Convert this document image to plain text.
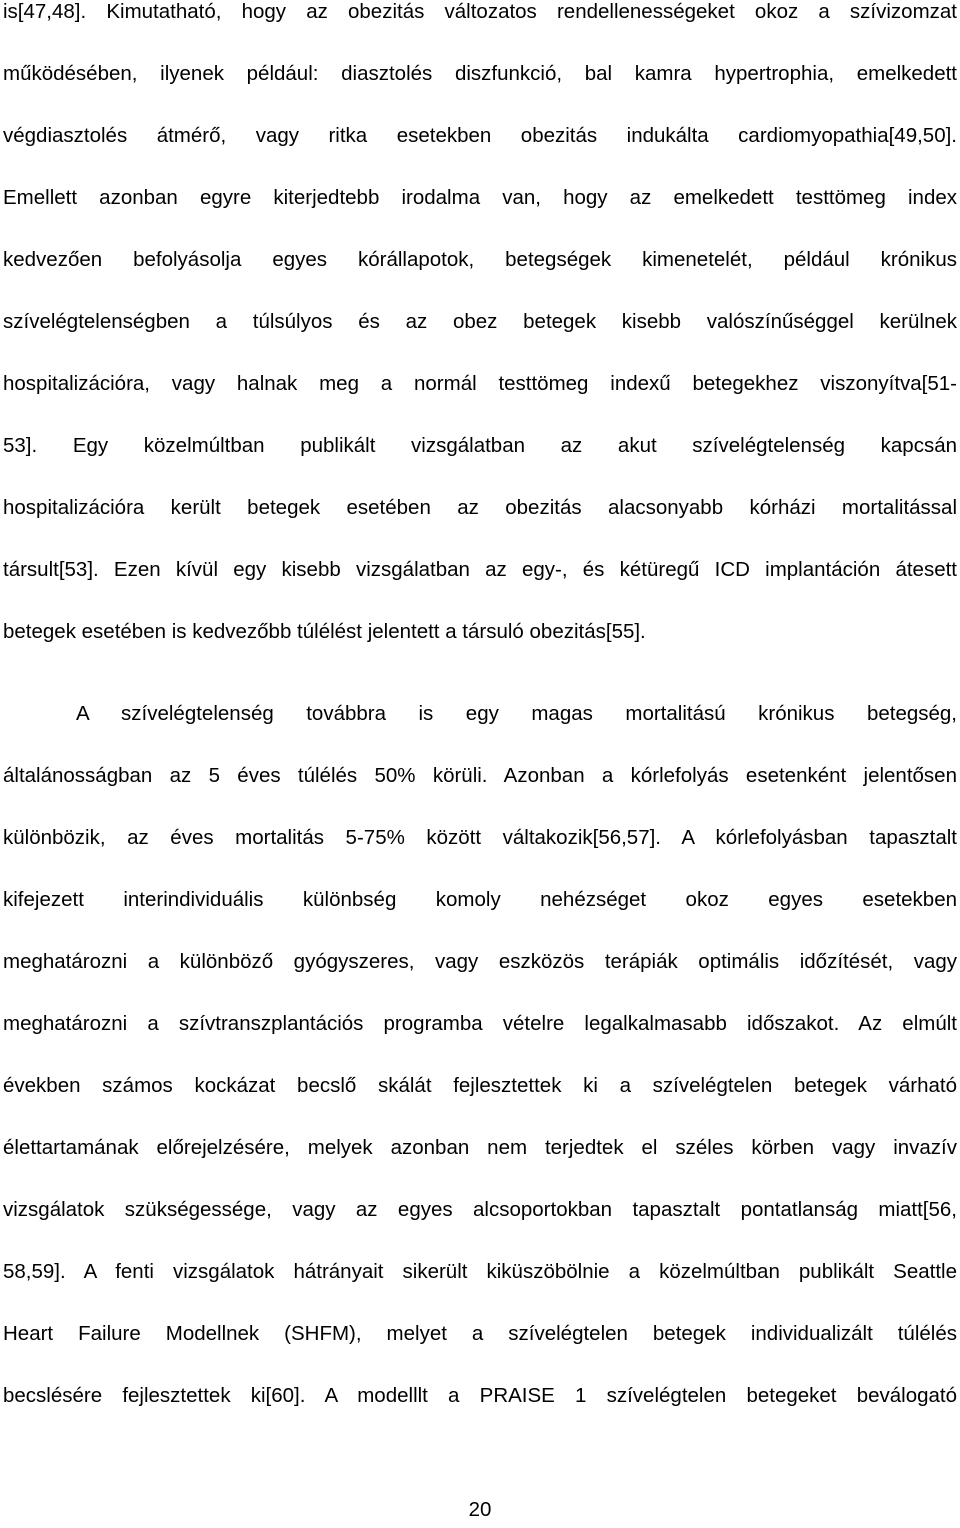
is[47,48]. Kimutatható, hogy az obezitás változatos rendellenességeket okoz a szívizomzat
működésében, ilyenek például: diasztolés diszfunkció, bal kamra hypertrophia, emelkedett
végdiasztolés átmérő, vagy ritka esetekben obezitás indukálta cardiomyopathia[49,50].
Emellett azonban egyre kiterjedtebb irodalma van, hogy az emelkedett testtömeg index
kedvezően befolyásolja egyes kórállapotok, betegségek kimenetelét, például krónikus
szívelégtelenségben a túlsúlyos és az obez betegek kisebb valószínűséggel kerülnek
hospitalizációra, vagy halnak meg a normál testtömeg indexű betegekhez viszonyítva[51-
53]. Egy közelmúltban publikált vizsgálatban az akut szívelégtelenség kapcsán
hospitalizációra került betegek esetében az obezitás alacsonyabb kórházi mortalitással
társult[53]. Ezen kívül egy kisebb vizsgálatban az egy-, és kétüregű ICD implantáción átesett
betegek esetében is kedvezőbb túlélést jelentett a társuló obezitás[55].
A szívelégtelenség továbbra is egy magas mortalitású krónikus betegség,
általánosságban az 5 éves túlélés 50% körüli. Azonban a kórlefolyás esetenként jelentősen
különbözik, az éves mortalitás 5-75% között váltakozik[56,57]. A kórlefolyásban tapasztalt
kifejezett interindividuális különbség komoly nehézséget okoz egyes esetekben
meghatározni a különböző gyógyszeres, vagy eszközös terápiák optimális időzítését, vagy
meghatározni a szívtranszplantációs programba vételre legalkalmasabb időszakot. Az elmúlt
években számos kockázat becslő skálát fejlesztettek ki a szívelégtelen betegek várható
élettartamának előrejelzésére, melyek azonban nem terjedtek el széles körben vagy invazív
vizsgálatok szükségessége, vagy az egyes alcsoportokban tapasztalt pontatlanság miatt[56,
58,59]. A fenti vizsgálatok hátrányait sikerült kiküszöbölnie a közelmúltban publikált Seattle
Heart Failure Modellnek (SHFM), melyet a szívelégtelen betegek individualizált túlélés
becslésére fejlesztettek ki[60]. A modelllt a PRAISE 1 szívelégtelen betegeket beválogató
20
